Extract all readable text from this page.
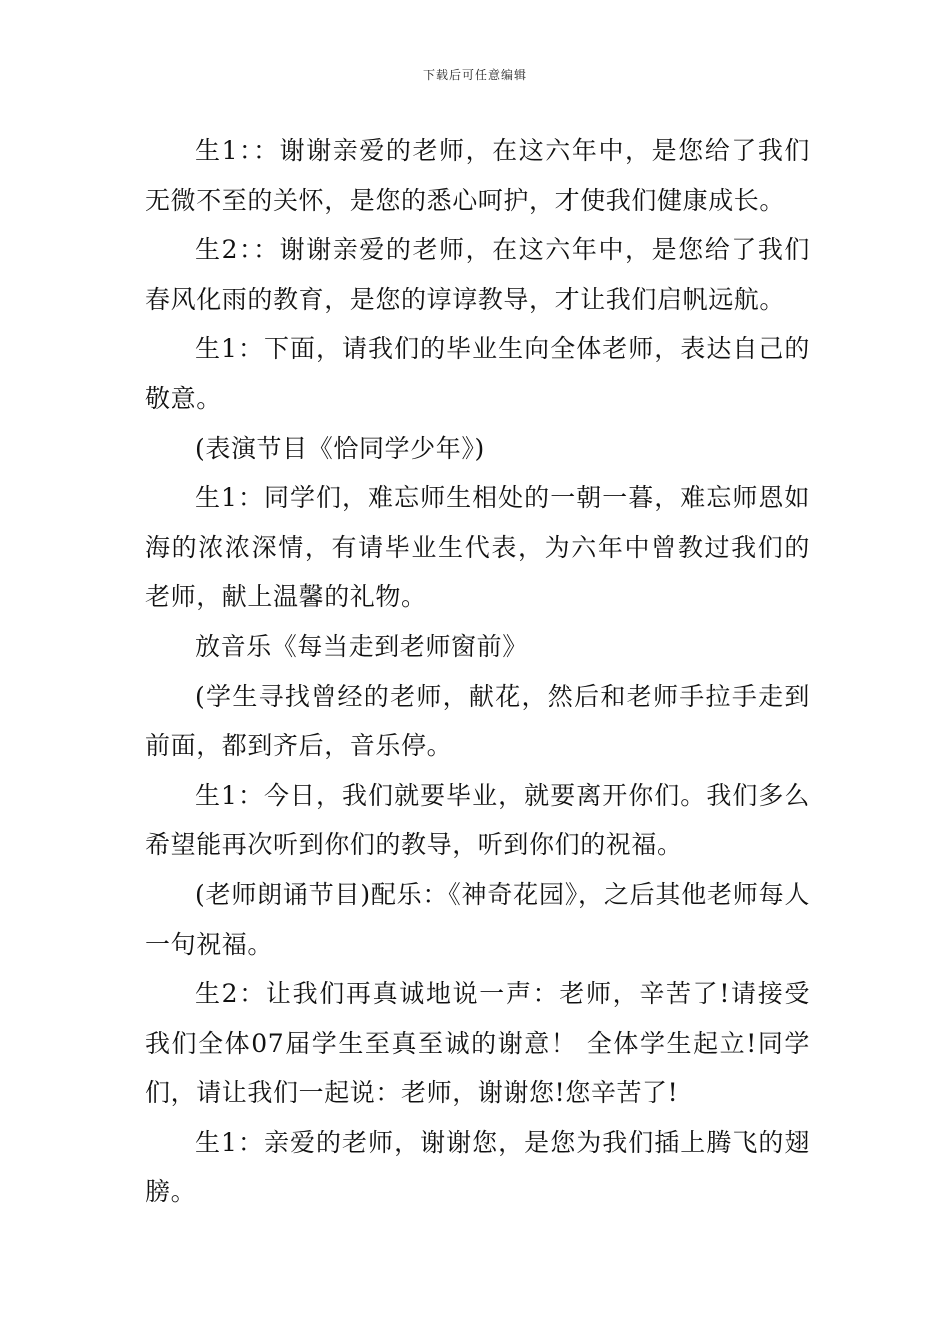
下载后可任意编辑

生1：：谢谢亲爱的老师，在这六年中，是您给了我们无微不至的关怀，是您的悉心呵护，才使我们健康成长。

生2：：谢谢亲爱的老师，在这六年中，是您给了我们春风化雨的教育，是您的谆谆教导，才让我们启帆远航。

生1：下面，请我们的毕业生向全体老师，表达自己的敬意。

(表演节目《恰同学少年》)

生1：同学们，难忘师生相处的一朝一暮，难忘师恩如海的浓浓深情，有请毕业生代表，为六年中曾教过我们的老师，献上温馨的礼物。

放音乐《每当走到老师窗前》

(学生寻找曾经的老师，献花，然后和老师手拉手走到前面，都到齐后，音乐停。

生1：今日，我们就要毕业，就要离开你们。我们多么希望能再次听到你们的教导，听到你们的祝福。

(老师朗诵节目)配乐：《神奇花园》，之后其他老师每人一句祝福。

生2：让我们再真诚地说一声：老师，辛苦了!请接受我们全体07届学生至真至诚的谢意！ 全体学生起立!同学们，请让我们一起说：老师，谢谢您!您辛苦了!

生1：亲爱的老师，谢谢您，是您为我们插上腾飞的翅膀。
